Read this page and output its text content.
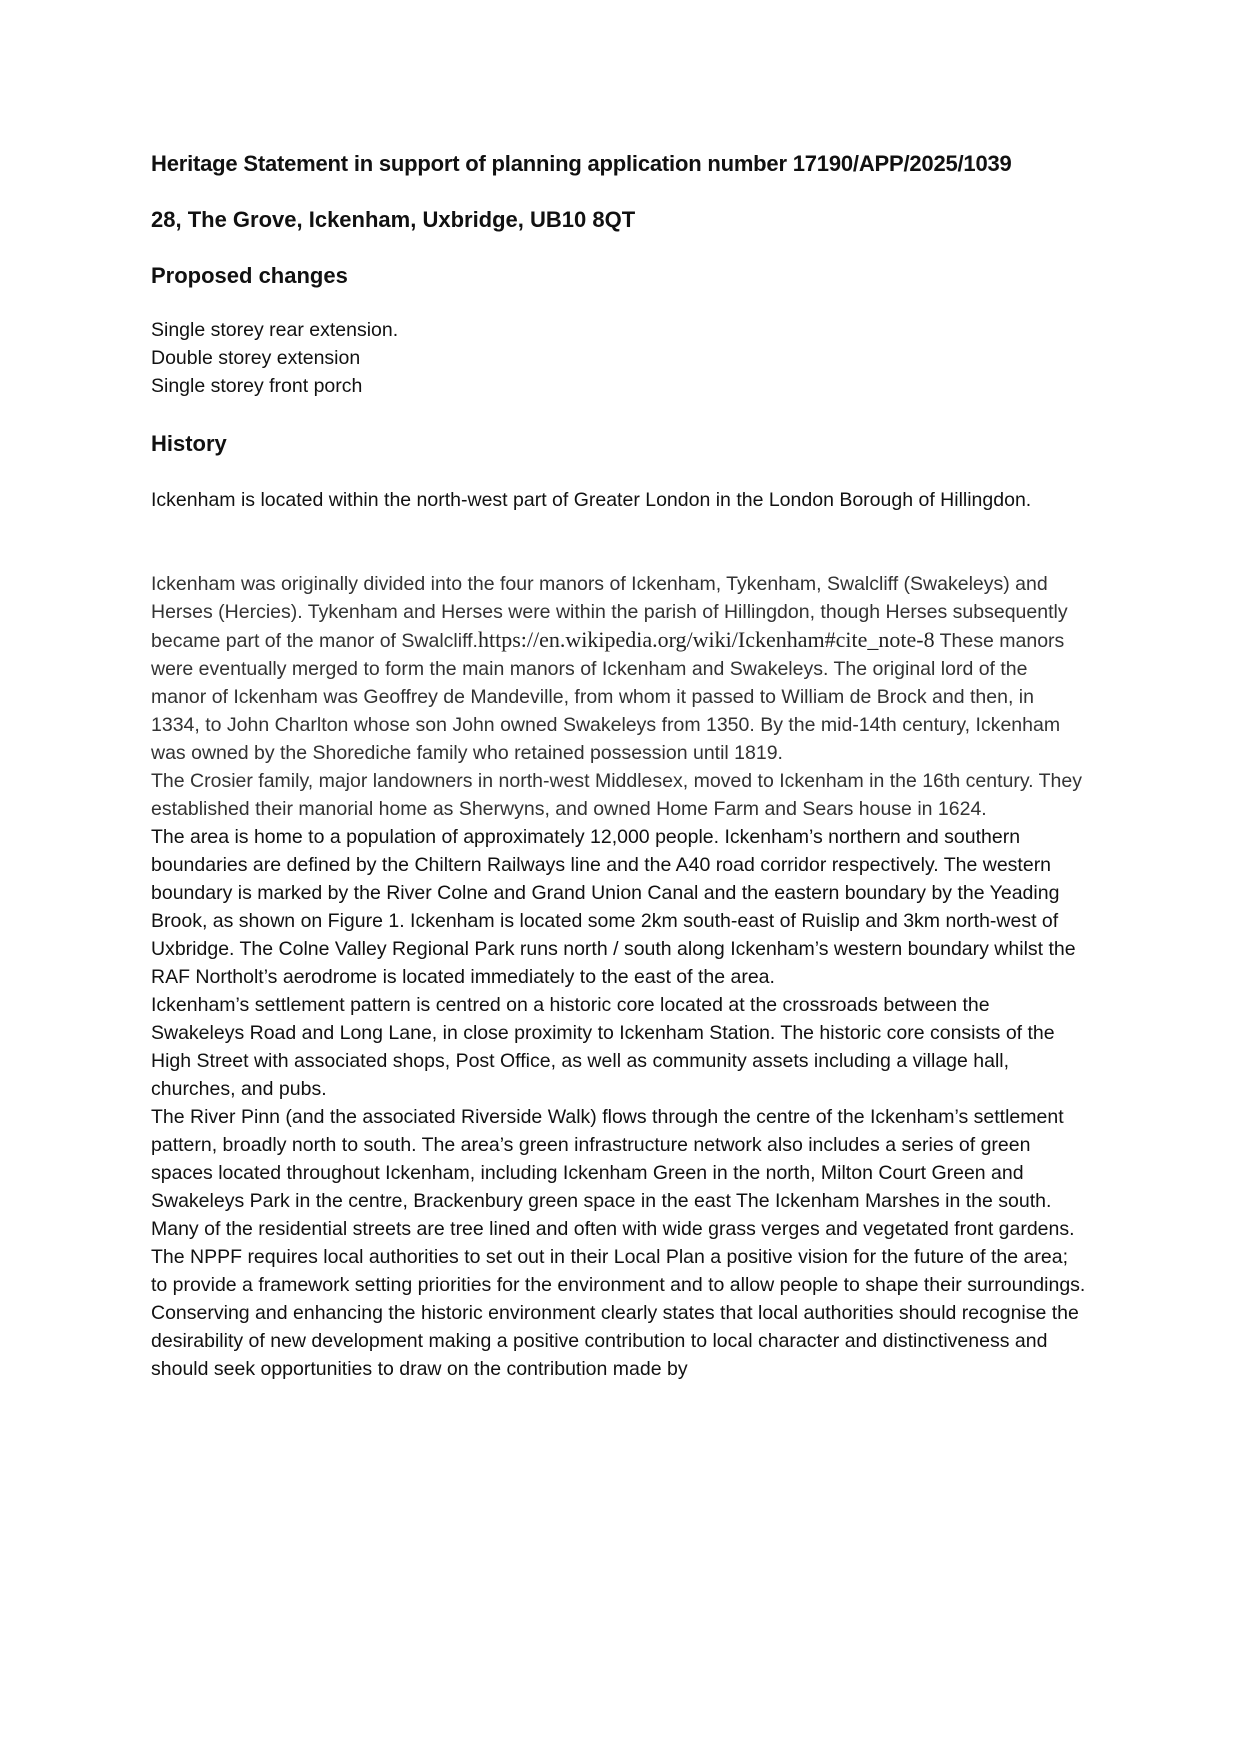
Heritage Statement in support of planning application number 17190/APP/2025/1039
28, The Grove, Ickenham, Uxbridge, UB10 8QT
Proposed changes
Single storey rear extension.
Double storey extension
Single storey front porch
History

Ickenham is located within the north-west part of Greater London in the London Borough of Hillingdon.

Ickenham was originally divided into the four manors of Ickenham, Tykenham, Swalcliff (Swakeleys) and Herses (Hercies). Tykenham and Herses were within the parish of Hillingdon, though Herses subsequently became part of the manor of Swalcliff.https://en.wikipedia.org/wiki/Ickenham#cite_note-8 These manors were eventually merged to form the main manors of Ickenham and Swakeleys. The original lord of the manor of Ickenham was Geoffrey de Mandeville, from whom it passed to William de Brock and then, in 1334, to John Charlton whose son John owned Swakeleys from 1350. By the mid-14th century, Ickenham was owned by the Shorediche family who retained possession until 1819.

The Crosier family, major landowners in north-west Middlesex, moved to Ickenham in the 16th century. They established their manorial home as Sherwyns, and owned Home Farm and Sears house in 1624.

The area is home to a population of approximately 12,000 people. Ickenham’s northern and southern boundaries are defined by the Chiltern Railways line and the A40 road corridor respectively. The western boundary is marked by the River Colne and Grand Union Canal and the eastern boundary by the Yeading Brook, as shown on Figure 1. Ickenham is located some 2km south-east of Ruislip and 3km north-west of Uxbridge. The Colne Valley Regional Park runs north / south along Ickenham’s western boundary whilst the RAF Northolt’s aerodrome is located immediately to the east of the area.

Ickenham’s settlement pattern is centred on a historic core located at the crossroads between the Swakeleys Road and Long Lane, in close proximity to Ickenham Station. The historic core consists of the High Street with associated shops, Post Office, as well as community assets including a village hall, churches, and pubs.

The River Pinn (and the associated Riverside Walk) flows through the centre of the Ickenham’s settlement pattern, broadly north to south. The area’s green infrastructure network also includes a series of green spaces located throughout Ickenham, including Ickenham Green in the north, Milton Court Green and Swakeleys Park in the centre, Brackenbury green space in the east The Ickenham Marshes in the south. Many of the residential streets are tree lined and often with wide grass verges and vegetated front gardens.

The NPPF requires local authorities to set out in their Local Plan a positive vision for the future of the area; to provide a framework setting priorities for the environment and to allow people to shape their surroundings. Conserving and enhancing the historic environment clearly states that local authorities should recognise the desirability of new development making a positive contribution to local character and distinctiveness and should seek opportunities to draw on the contribution made by
